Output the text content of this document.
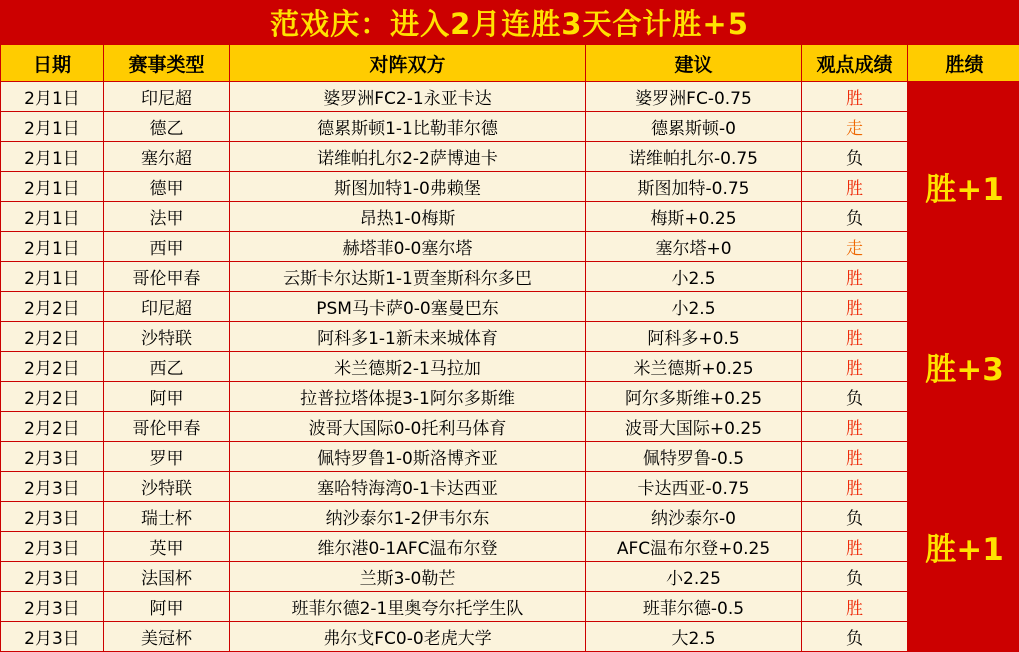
范戏庆：进入2月连胜3天合计胜+5
日期	赛事类型	对阵双方	建议	观点成绩	胜绩
2月1日	印尼超	婆罗洲FC2-1永亚卡达	婆罗洲FC-0.75	胜	胜+1
2月1日	德乙	德累斯顿1-1比勒菲尔德	德累斯顿-0	走	
2月1日	塞尔超	诺维帕扎尔2-2萨博迪卡	诺维帕扎尔-0.75	负	
2月1日	德甲	斯图加特1-0弗赖堡	斯图加特-0.75	胜	
2月1日	法甲	昂热1-0梅斯	梅斯+0.25	负	
2月1日	西甲	赫塔菲0-0塞尔塔	塞尔塔+0	走	
2月1日	哥伦甲春	云斯卡尔达斯1-1贾奎斯科尔多巴	小2.5	胜	
2月2日	印尼超	PSM马卡萨0-0塞曼巴东	小2.5	胜	胜+3
2月2日	沙特联	阿科多1-1新未来城体育	阿科多+0.5	胜	
2月2日	西乙	米兰德斯2-1马拉加	米兰德斯+0.25	胜	
2月2日	阿甲	拉普拉塔体提3-1阿尔多斯维	阿尔多斯维+0.25	负	
2月2日	哥伦甲春	波哥大国际0-0托利马体育	波哥大国际+0.25	胜	
2月3日	罗甲	佩特罗鲁1-0斯洛博齐亚	佩特罗鲁-0.5	胜	胜+1
2月3日	沙特联	塞哈特海湾0-1卡达西亚	卡达西亚-0.75	胜	
2月3日	瑞士杯	纳沙泰尔1-2伊韦尔东	纳沙泰尔-0	负	
2月3日	英甲	维尔港0-1AFC温布尔登	AFC温布尔登+0.25	胜	
2月3日	法国杯	兰斯3-0勒芒	小2.25	负	
2月3日	阿甲	班菲尔德2-1里奥夸尔托学生队	班菲尔德-0.5	胜	
2月3日	美冠杯	弗尔戈FC0-0老虎大学	大2.5	负	
